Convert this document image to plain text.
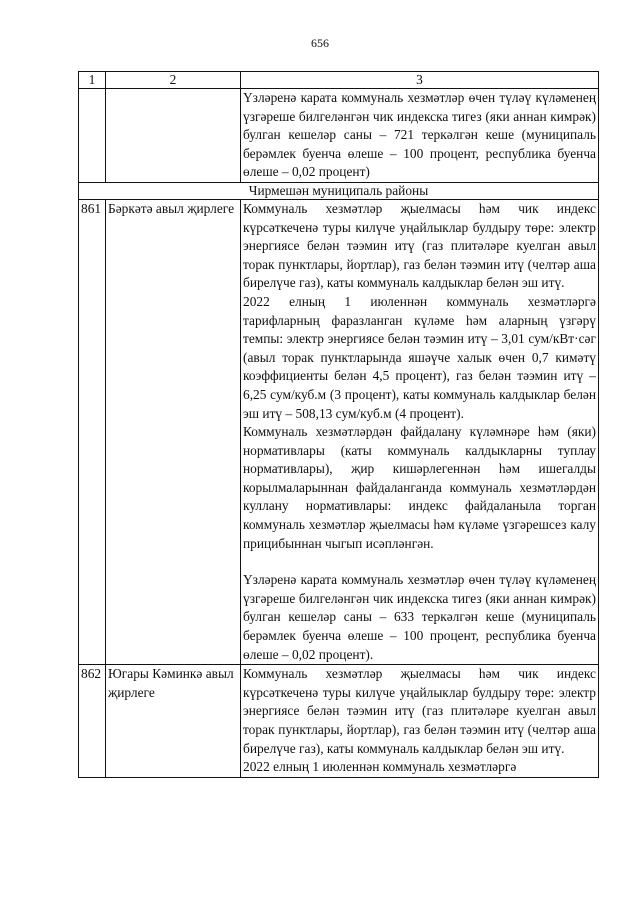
656
1	2	3
		Үзләренә карата коммуналь хезмәтләр өчен түләү күләменең үзгәреше билгеләнгән чик индекска тигез (яки аннан кимрәк) булган кешеләр саны – 721 теркәлгән кеше (муниципаль берәмлек буенча өлеше – 100 процент, республика буенча өлеше – 0,02 процент)
Чирмешән муниципаль районы		
861	Бәркәтә авыл җирлеге	Коммуналь хезмәтләр җыелмасы һәм чик индекс күрсәткеченә туры килүче уңайлыклар булдыру төре: электр энергиясе белән тәэмин итү (газ плитәләре куелган авыл торак пунктлары, йортлар), газ белән тәэмин итү (челтәр аша бирелүче газ), каты коммуналь калдыклар белән эш итү.

2022 елның 1 июленнән коммуналь хезмәтләргә тарифларның фаразланган күләме һәм аларның үзгәрү темпы: электр энергиясе белән тәэмин итү – 3,01 сум/кВт·сәг (авыл торак пунктларында яшәүче халык өчен 0,7 кимәтү коэффициенты белән 4,5 процент), газ белән тәэмин итү – 6,25 сум/куб.м (3 процент), каты коммуналь калдыклар белән эш итү – 508,13 сум/куб.м (4 процент).

Коммуналь хезмәтләрдән файдалану күләмнәре һәм (яки) нормативлары (каты коммуналь калдыкларны туплау нормативлары), җир кишәрлегеннән һәм ишегалды корылмаларыннан файдаланганда коммуналь хезмәтләрдән куллану нормативлары: индекс файдаланыла торган коммуналь хезмәтләр җыелмасы һәм күләме үзгәрешсез калу прицибыннан чыгып исәпләнгән.

Үзләренә карата коммуналь хезмәтләр өчен түләү күләменең үзгәреше билгеләнгән чик индекска тигез (яки аннан кимрәк) булган кешеләр саны – 633 теркәлгән кеше (муниципаль берәмлек буенча өлеше – 100 процент, республика буенча өлеше – 0,02 процент).

862	Югары Кәминкә авыл җирлеге	Коммуналь хезмәтләр җыелмасы һәм чик индекс күрсәткеченә туры килүче уңайлыклар булдыру төре: электр энергиясе белән тәэмин итү (газ плитәләре куелган авыл торак пунктлары, йортлар), газ белән тәэмин итү (челтәр аша бирелүче газ), каты коммуналь калдыклар белән эш итү.

2022 елның 1 июленнән коммуналь хезмәтләргә
